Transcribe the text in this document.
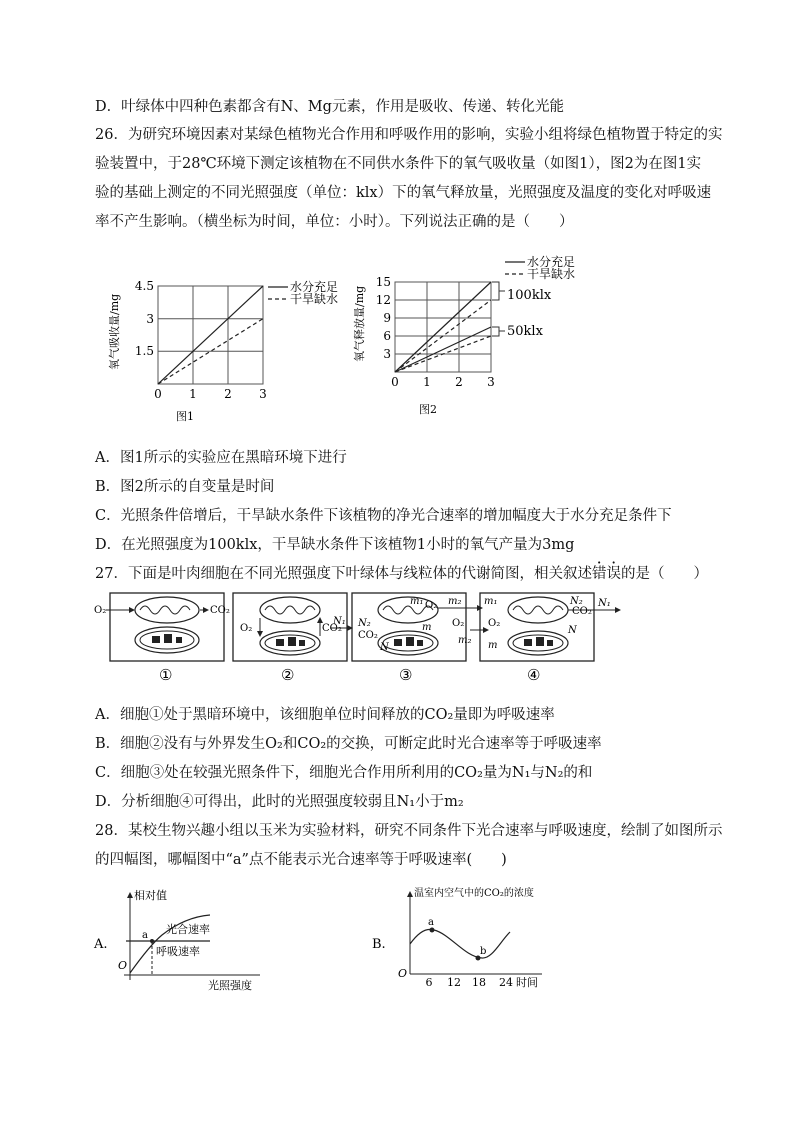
D．叶绿体中四种色素都含有N、Mg元素，作用是吸收、传递、转化光能
26．为研究环境因素对某绿色植物光合作用和呼吸作用的影响，实验小组将绿色植物置于特定的实
验装置中，于28℃环境下测定该植物在不同供水条件下的氧气吸收量（如图1），图2为在图1实
验的基础上测定的不同光照强度（单位：klx）下的氧气释放量，光照强度及温度的变化对呼吸速
率不产生影响。（横坐标为时间，单位：小时）。下列说法正确的是（　　）
氧气吸收量/mg
4.5
3
1.5
0 1 2 3
水分充足
干旱缺水
图1
氧气释放量/mg
15
12
9
6
3
0 1 2 3
水分充足
干旱缺水
100klx
50klx
图2
A．图1所示的实验应在黑暗环境下进行
B．图2所示的自变量是时间
C．光照条件倍增后，干旱缺水条件下该植物的净光合速率的增加幅度大于水分充足条件下
D．在光照强度为100klx，干旱缺水条件下该植物1小时的氧气产量为3mg
27．下面是叶肉细胞在不同光照强度下叶绿体与线粒体的代谢简图，相关叙述错误的是（　　）
O₂	CO₂
O₂	CO₂
N₁ N₂
CO₂
N
m₁ O₂
m
m₂
O₂
m₂
O₂
m₁
m
N₂
CO₂
N
N₁
①	②	③	④
A．细胞①处于黑暗环境中，该细胞单位时间释放的CO₂量即为呼吸速率
B．细胞②没有与外界发生O₂和CO₂的交换，可断定此时光合速率等于呼吸速率
C．细胞③处在较强光照条件下，细胞光合作用所利用的CO₂量为N₁与N₂的和
D．分析细胞④可得出，此时的光照强度较弱且N₁小于m₂
28．某校生物兴趣小组以玉米为实验材料，研究不同条件下光合速率与呼吸速度，绘制了如图所示
的四幅图，哪幅图中“a”点不能表示光合速率等于呼吸速率(　　)
A.
相对值
a 光合速率
呼吸速率
O
光照强度
B.
温室内空气中的CO₂的浓度
a
b
O
6 12 18 24 时间
